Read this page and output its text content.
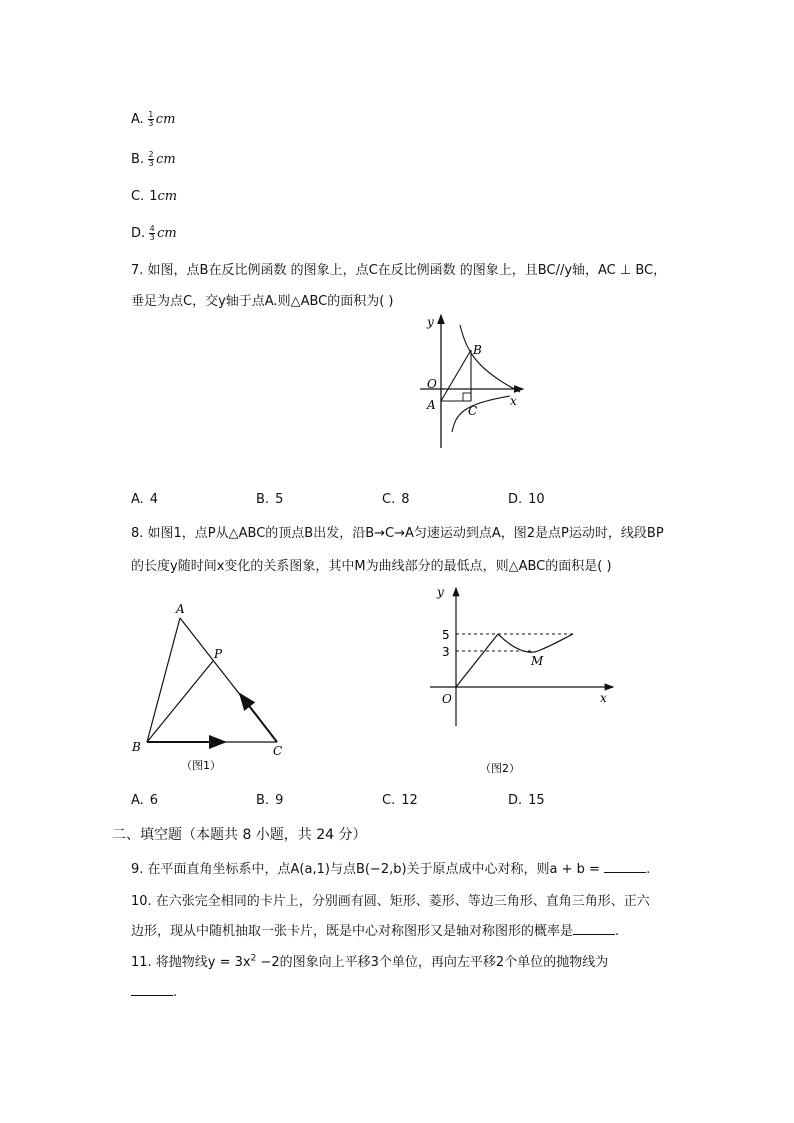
A. $\frac{1}{3}$ cm
B. $\frac{2}{3}$ cm
C. 1cm
D. $\frac{4}{3}$ cm
7. 如图，点B在反比例函数 的图象上，点C在反比例函数 的图象上，且BC//y轴，AC ⊥ BC，
垂足为点C，交y轴于点A.则△ABC的面积为( )
y
x
O
A
B
C
A. 4	B. 5	C. 8	D. 10
8. 如图1，点P从△ABC的顶点B出发，沿B→C→A匀速运动到点A，图2是点P运动时，线段BP
的长度y随时间x变化的关系图象，其中M为曲线部分的最低点，则△ABC的面积是( )
A
B	C
P
（图1）
y
x
O
M
5
3
（图2）
A. 6	B. 9	C. 12	D. 15
二、填空题（本题共 8 小题，共 24 分）
9. 在平面直角坐标系中，点A(a,1)与点B(−2,b)关于原点成中心对称，则a + b =	.
10. 在六张完全相同的卡片上，分别画有圆、矩形、菱形、等边三角形、直角三角形、正六
边形，现从中随机抽取一张卡片，既是中心对称图形又是轴对称图形的概率是	.
11. 将抛物线$y = 3x^2 -2$的图象向上平移3个单位，再向左平移2个单位的抛物线为
.
